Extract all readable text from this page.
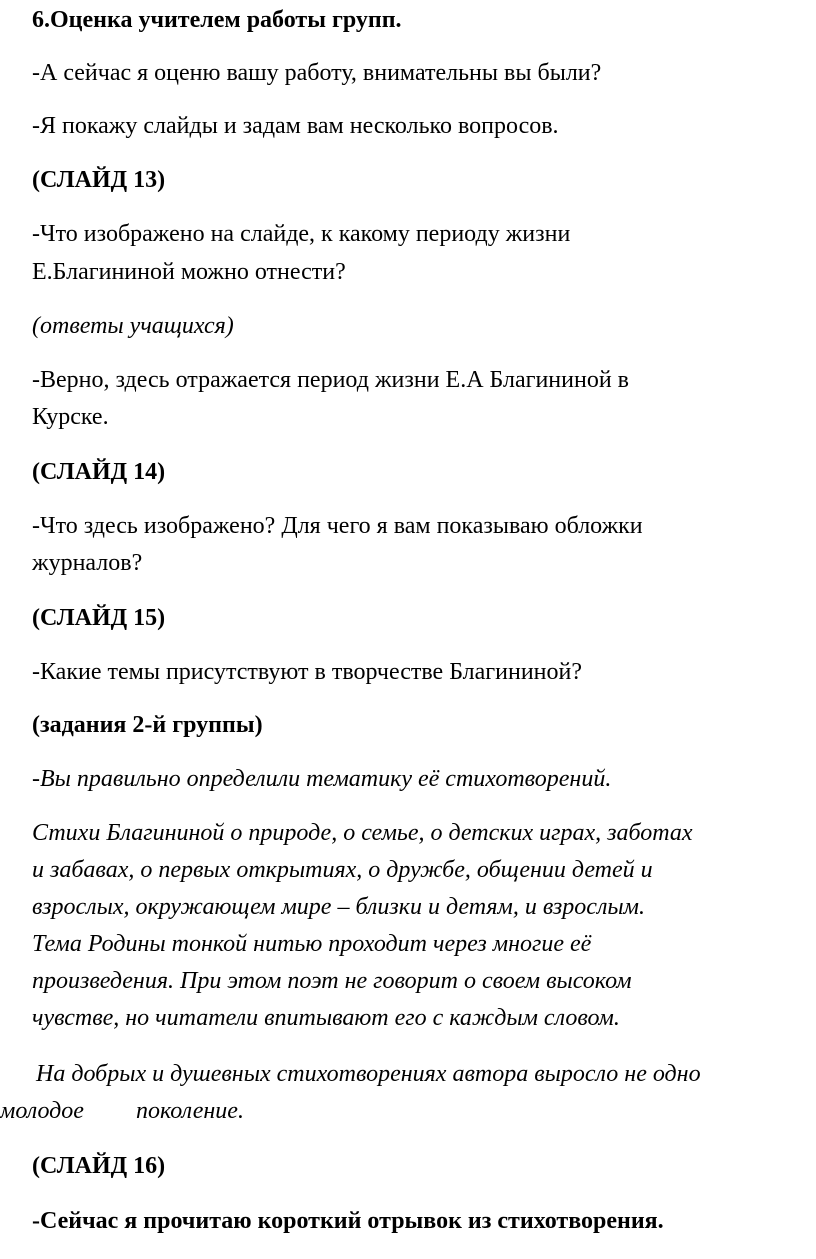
6.Оценка учителем работы групп.

-А сейчас я оценю вашу работу, внимательны вы были?

-Я покажу слайды и задам вам несколько вопросов.

(СЛАЙД 13)

-Что изображено на слайде, к какому периоду жизни

Е.Благининой можно отнести?

(ответы учащихся)

-Верно, здесь отражается период жизни Е.А Благининой в

Курске.

(СЛАЙД 14)

-Что здесь изображено? Для чего я вам показываю обложки

журналов?

(СЛАЙД 15)

-Какие темы присутствуют в творчестве Благининой?

(задания 2-й группы)

-Вы правильно определили тематику её стихотворений.

Стихи Благининой о природе, о семье, о детских играх, заботах

и забавах, о первых открытиях, о дружбе, общении детей и

взрослых, окружающем мире – близки и детям, и взрослым.

Тема Родины тонкой нитью проходит через многие её

произведения. При этом поэт не говорит о своем высоком

чувстве, но читатели впитывают его с каждым словом.

На добрых и душевных стихотворениях автора выросло не одно

молодое поколение.

(СЛАЙД 16)

-Сейчас я прочитаю короткий отрывок из стихотворения.
